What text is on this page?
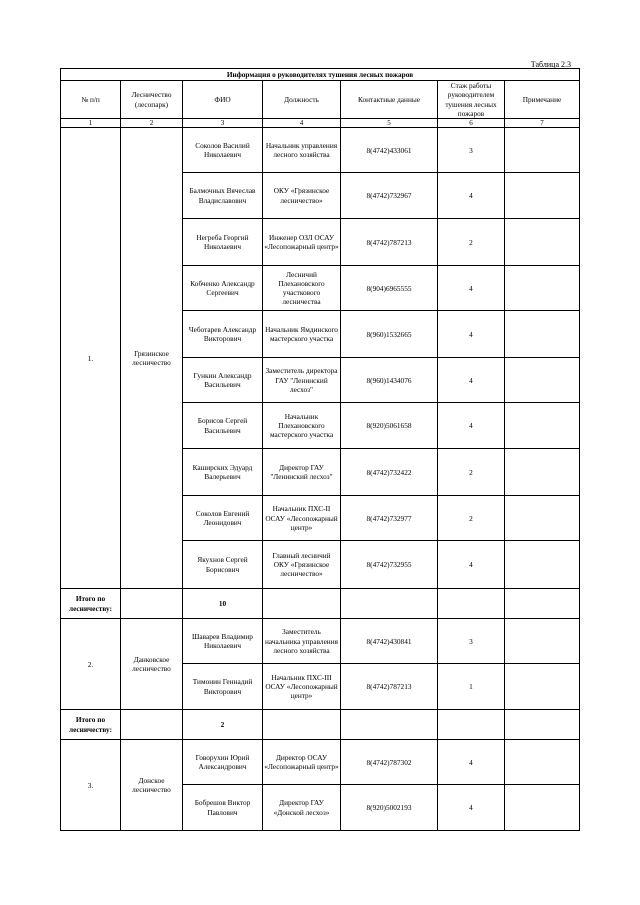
Таблица 2.3
Информация о руководителях тушения лесных пожаров						
№ п/п	Лесничество (лесопарк)	ФИО	Должность	Контактные данные	Стаж работы руководителем тушения лесных пожаров	Примечание
1	2	3	4	5	6	7
1.	Грязинское лесничество	Соколов Василий Николаевич	Начальник управления лесного хозяйства	8(4742)433061	3	
		Балмочных Вячеслав Владиславович	ОКУ «Грязинское лесничество»	8(4742)732967	4	
		Негреба Георгий Николаевич	Инженер ОЗЛ ОСАУ «Лесопожарный центр»	8(4742)787213	2	
		Кобченко Александр Сергеевич	Лесничий Плехановского участкового лесничества	8(904)6965555	4	
		Чеботарев Александр Викторович	Начальник Ямдинского мастерского участка	8(960)1532665	4	
		Гункин Александр Васильевич	Заместитель директора ГАУ "Ленинский лесхоз"	8(960)1434076	4	
		Борисов Сергей Васильевич	Начальник Плехановского мастерского участка	8(920)5061658	4	
		Каширских Эдуард Валерьевич	Директор ГАУ "Ленинский лесхоз"	8(4742)732422	2	
		Соколов Евгений Леонидович	Начальник ПХС-II ОСАУ «Лесопожарный центр»	8(4742)732977	2	
		Якухнов Сергей Борисович	Главный лесничий ОКУ «Грязинское лесничество»	8(4742)732955	4	
Итого по лесничеству:		10				
2.	Данковское лесничество	Шаварев Владимир Николаевич	Заместитель начальника управления лесного хозяйства	8(4742)430841	3	
		Тимонин Геннадий Викторович	Начальник ПХС-III ОСАУ «Лесопожарный центр»	8(4742)787213	1	
Итого по лесничеству:		2				
3.	Донское лесничество	Говорухин Юрий Александрович	Директор ОСАУ «Лесопожарный центр»	8(4742)787302	4	
		Бобрешов Виктор Павлович	Директор ГАУ «Донской лесхоз»	8(920)5002193	4	
